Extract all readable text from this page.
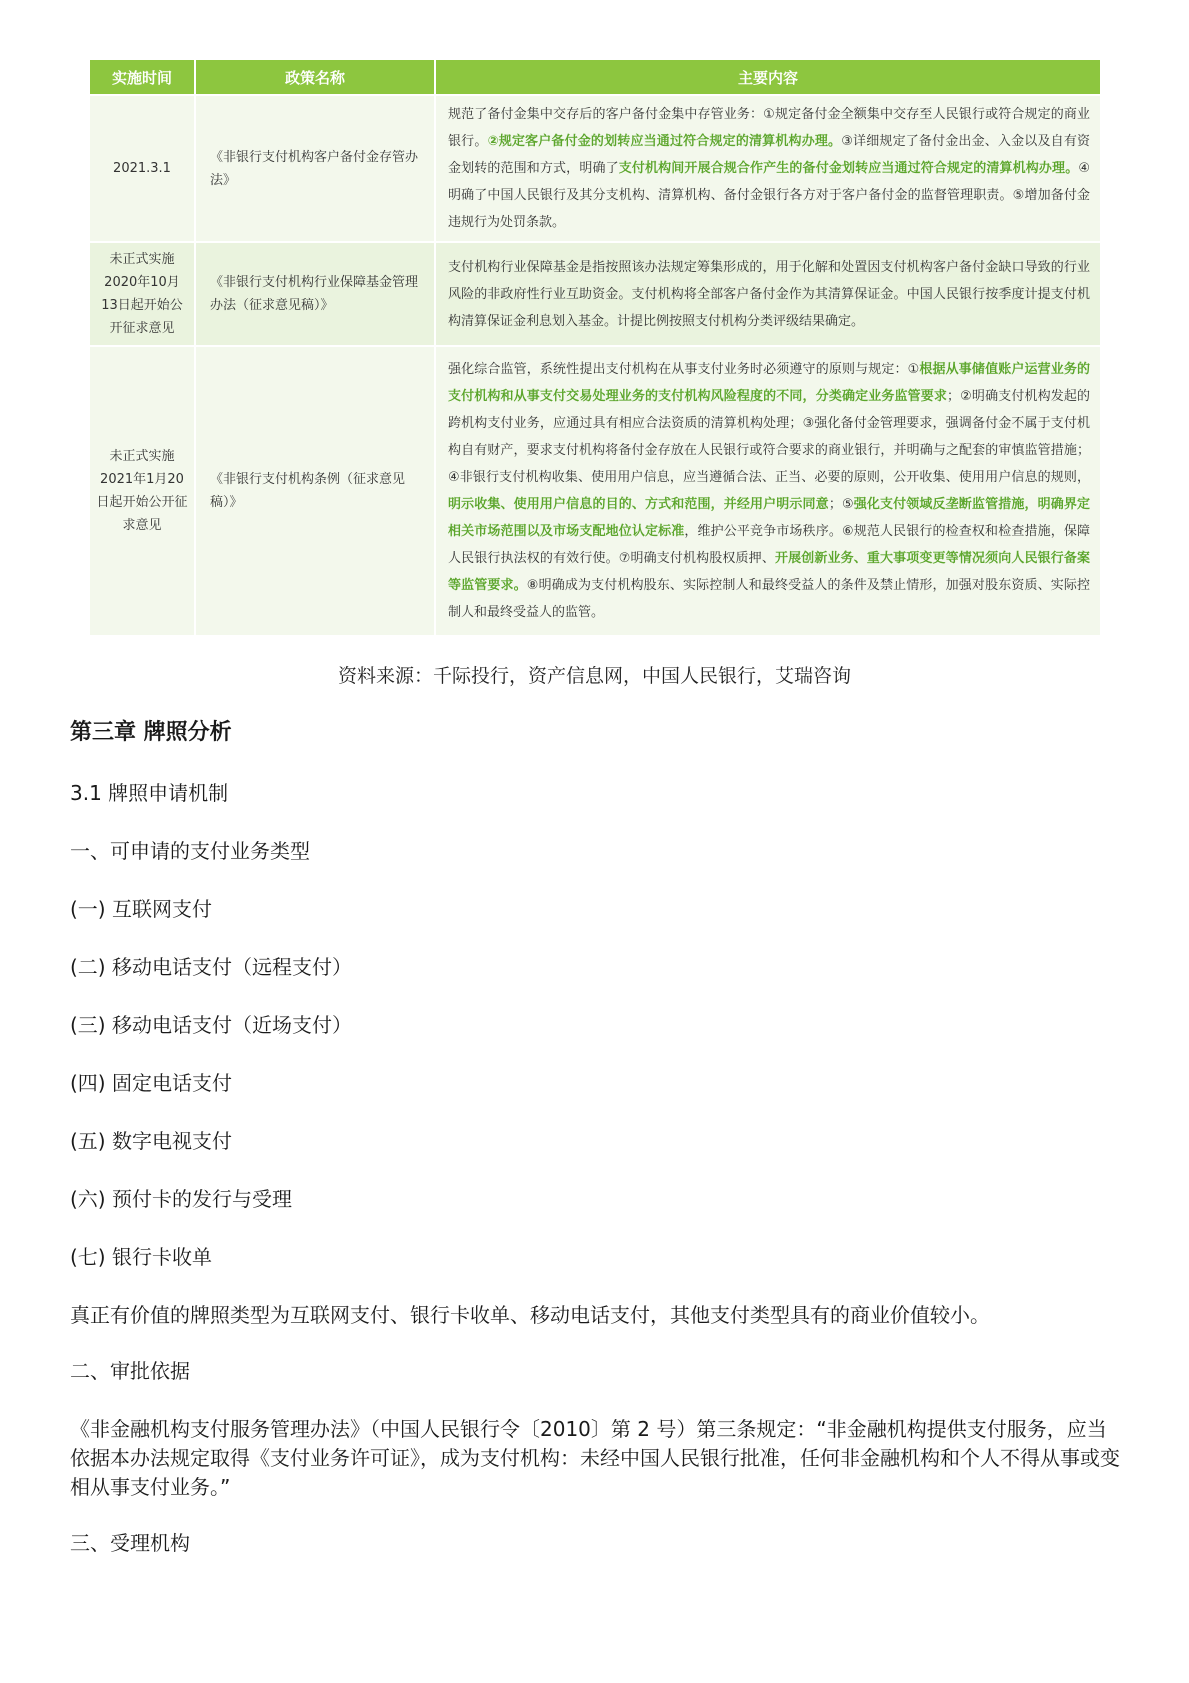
实施时间	政策名称	主要内容
2021.3.1	《非银行支付机构客户备付金存管办法》	规范了备付金集中交存后的客户备付金集中存管业务：①规定备付金全额集中交存至人民银行或符合规定的商业银行。②规定客户备付金的划转应当通过符合规定的清算机构办理。③详细规定了备付金出金、入金以及自有资金划转的范围和方式，明确了支付机构间开展合规合作产生的备付金划转应当通过符合规定的清算机构办理。④明确了中国人民银行及其分支机构、清算机构、备付金银行各方对于客户备付金的监督管理职责。⑤增加备付金违规行为处罚条款。
未正式实施2020年10月13日起开始公开征求意见	《非银行支付机构行业保障基金管理办法（征求意见稿）》	支付机构行业保障基金是指按照该办法规定筹集形成的，用于化解和处置因支付机构客户备付金缺口导致的行业风险的非政府性行业互助资金。支付机构将全部客户备付金作为其清算保证金。中国人民银行按季度计提支付机构清算保证金利息划入基金。计提比例按照支付机构分类评级结果确定。
未正式实施2021年1月20日起开始公开征求意见	《非银行支付机构条例（征求意见稿）》	强化综合监管，系统性提出支付机构在从事支付业务时必须遵守的原则与规定：①根据从事储值账户运营业务的支付机构和从事支付交易处理业务的支付机构风险程度的不同，分类确定业务监管要求；②明确支付机构发起的跨机构支付业务，应通过具有相应合法资质的清算机构处理；③强化备付金管理要求，强调备付金不属于支付机构自有财产，要求支付机构将备付金存放在人民银行或符合要求的商业银行，并明确与之配套的审慎监管措施；④非银行支付机构收集、使用用户信息，应当遵循合法、正当、必要的原则，公开收集、使用用户信息的规则，明示收集、使用用户信息的目的、方式和范围，并经用户明示同意；⑤强化支付领域反垄断监管措施，明确界定相关市场范围以及市场支配地位认定标准，维护公平竞争市场秩序。⑥规范人民银行的检查权和检查措施，保障人民银行执法权的有效行使。⑦明确支付机构股权质押、开展创新业务、重大事项变更等情况须向人民银行备案等监管要求。⑧明确成为支付机构股东、实际控制人和最终受益人的条件及禁止情形，加强对股东资质、实际控制人和最终受益人的监管。
资料来源：千际投行，资产信息网，中国人民银行，艾瑞咨询
第三章 牌照分析
3.1 牌照申请机制
一、可申请的支付业务类型
(一) 互联网支付
(二) 移动电话支付（远程支付）
(三) 移动电话支付（近场支付）
(四) 固定电话支付
(五) 数字电视支付
(六) 预付卡的发行与受理
(七) 银行卡收单
真正有价值的牌照类型为互联网支付、银行卡收单、移动电话支付，其他支付类型具有的商业价值较小。
二、审批依据
《非金融机构支付服务管理办法》（中国人民银行令〔2010〕第 2 号）第三条规定：“非金融机构提供支付服务，应当依据本办法规定取得《支付业务许可证》，成为支付机构：未经中国人民银行批准，任何非金融机构和个人不得从事或变相从事支付业务。”
三、受理机构
